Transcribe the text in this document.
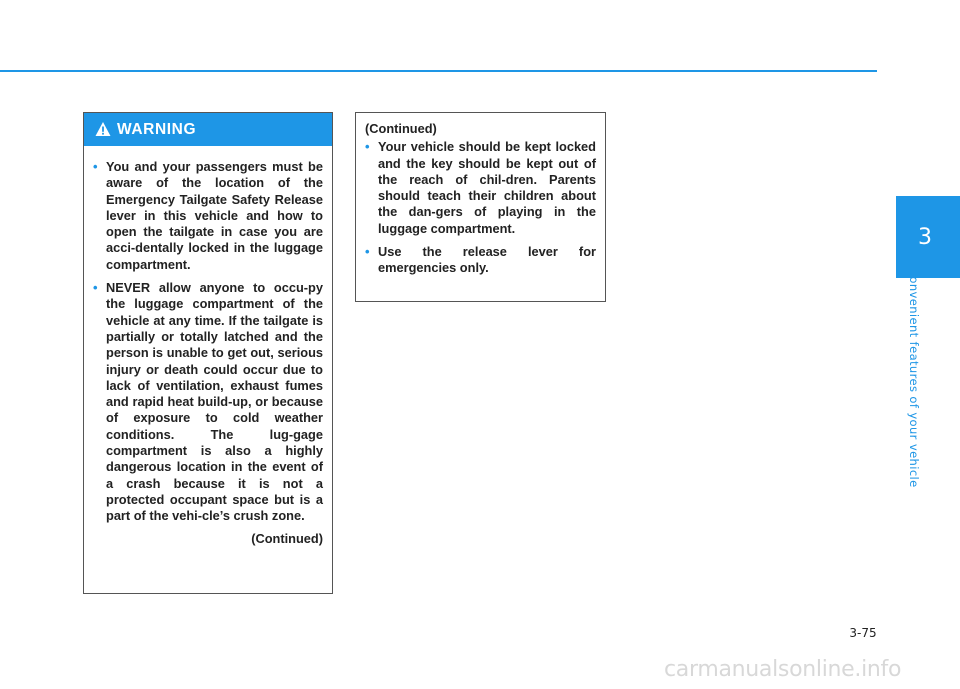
3
Convenient features of your vehicle
WARNING
• You and your passengers must be aware of the location of the Emergency Tailgate Safety Release lever in this vehicle and how to open the tailgate in case you are acci-dentally locked in the luggage compartment.
• NEVER allow anyone to occu-py the luggage compartment of the vehicle at any time. If the tailgate is partially or totally latched and the person is unable to get out, serious injury or death could occur due to lack of ventilation, exhaust fumes and rapid heat build-up, or because of exposure to cold weather conditions. The lug-gage compartment is also a highly dangerous location in the event of a crash because it is not a protected occupant space but is a part of the vehi-cle’s crush zone.
(Continued)
(Continued)
• Your vehicle should be kept locked and the key should be kept out of the reach of chil-dren. Parents should teach their children about the dan-gers of playing in the luggage compartment.
• Use the release lever for emergencies only.
3-75
carmanualsonline.info
